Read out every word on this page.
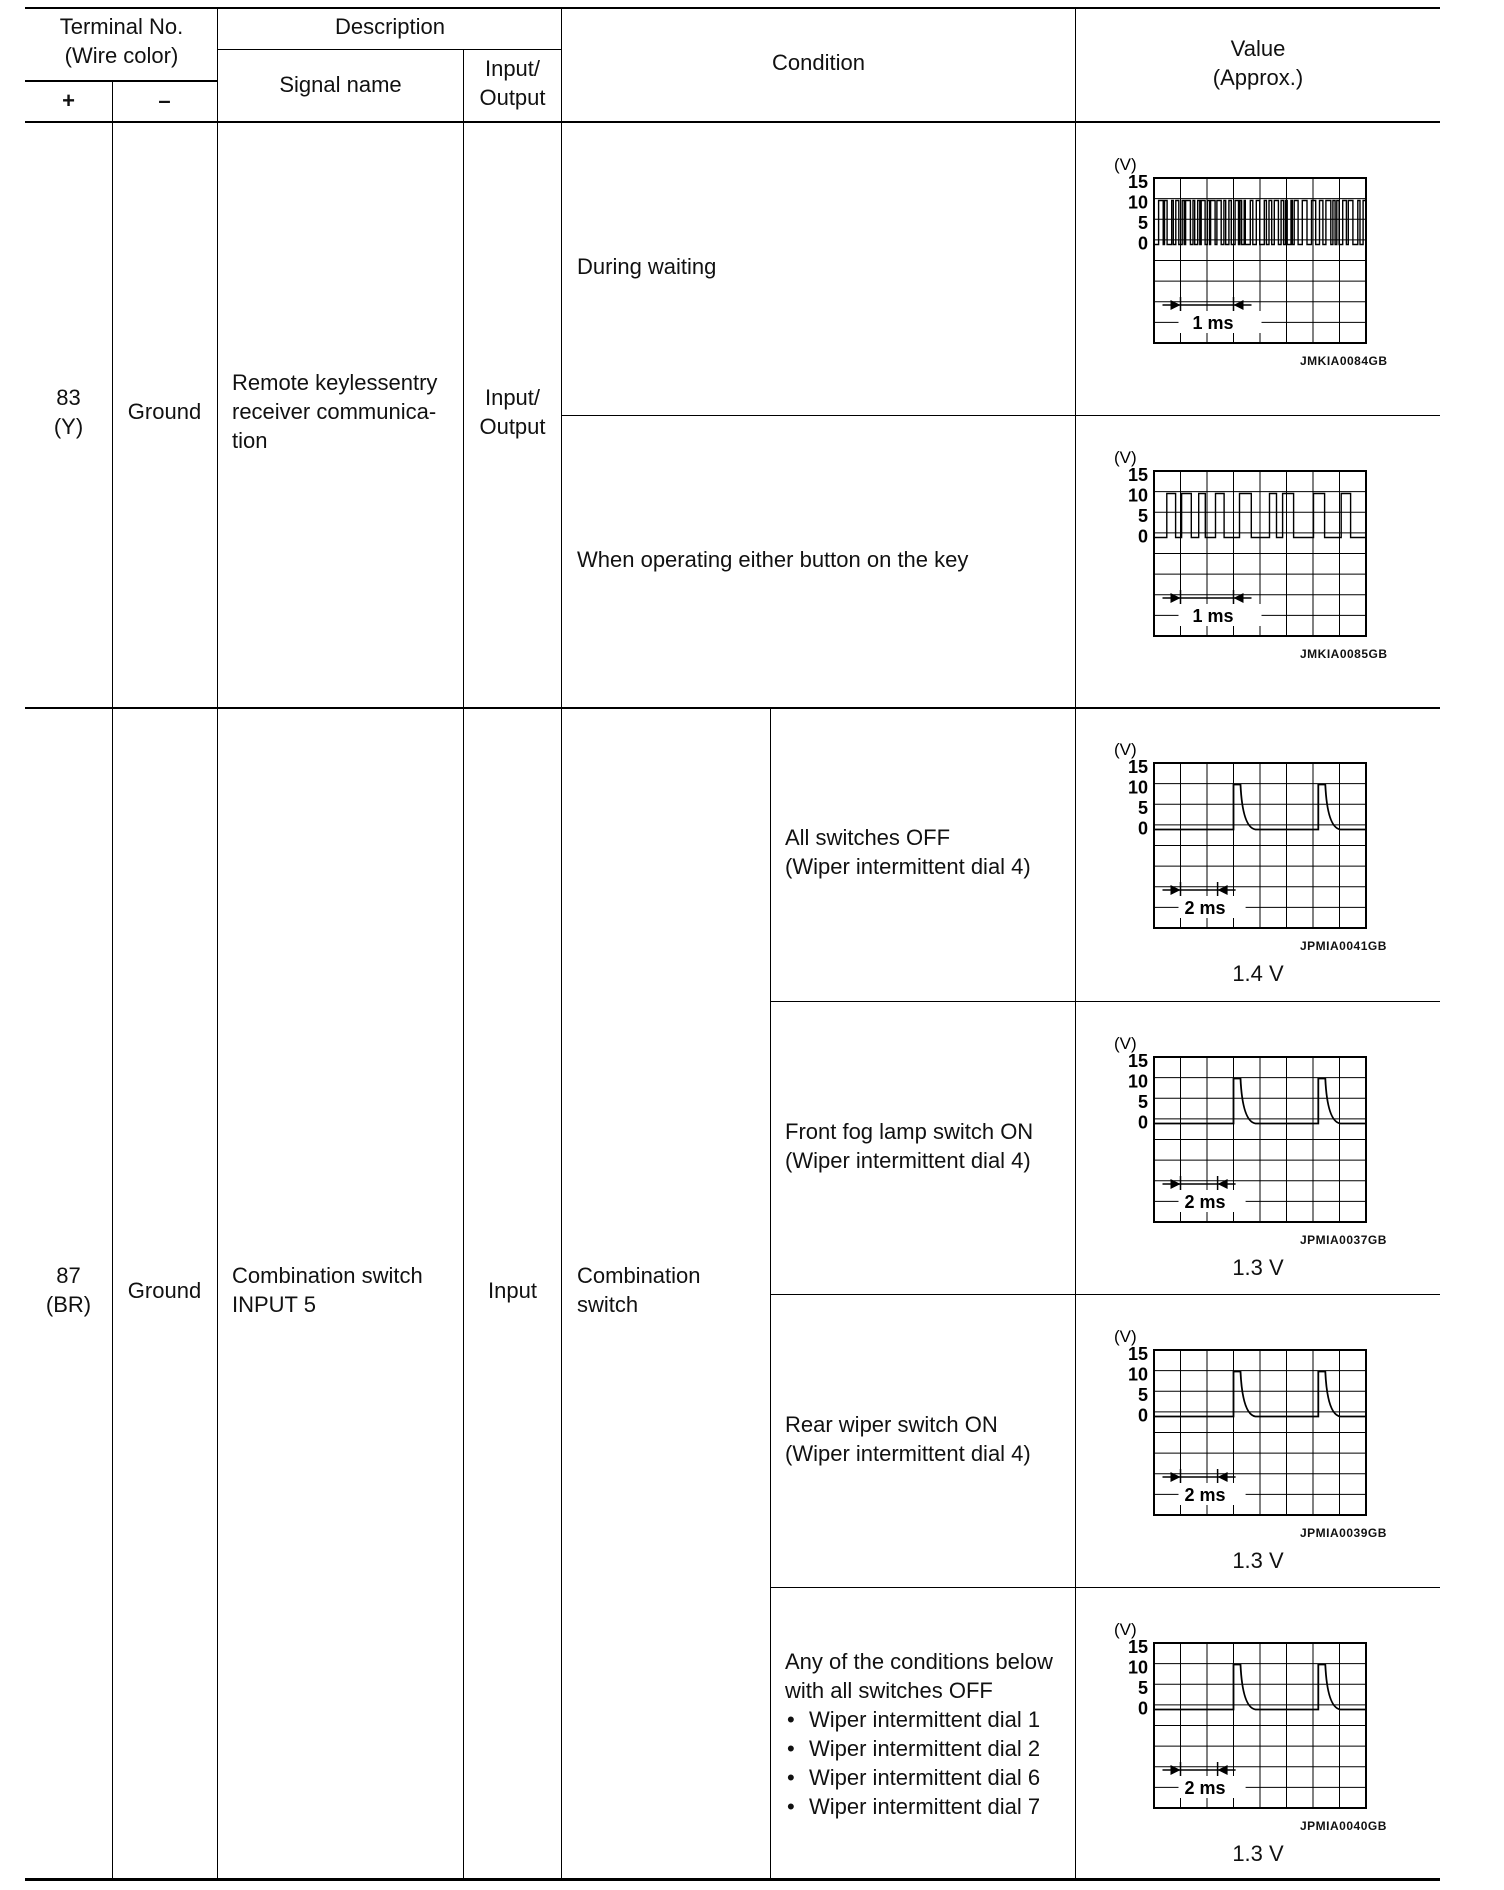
Terminal No.
(Wire color)
+	–
Description
Signal name
Input/
Output
Condition
Value
(Approx.)
83
(Y)
Ground
Remote keylessentry
receiver communica-
tion
Input/
Output
During waiting
When operating either button on the key
87
(BR)
Ground
Combination switch
INPUT 5
Input
Combination
switch
All switches OFF
(Wiper intermittent dial 4)
Front fog lamp switch ON
(Wiper intermittent dial 4)
Rear wiper switch ON
(Wiper intermittent dial 4)
Any of the conditions below
with all switches OFF
• Wiper intermittent dial 1
• Wiper intermittent dial 2
• Wiper intermittent dial 6
• Wiper intermittent dial 7
(V)
15
10
5
0
1 ms
JMKIA0084GB
(V)
15
10
5
0
1 ms
JMKIA0085GB
(V)
15
10
5
0
2 ms
JPMIA0041GB
1.4 V
(V)
15
10
5
0
2 ms
JPMIA0037GB
1.3 V
(V)
15
10
5
0
2 ms
JPMIA0039GB
1.3 V
(V)
15
10
5
0
2 ms
JPMIA0040GB
1.3 V
